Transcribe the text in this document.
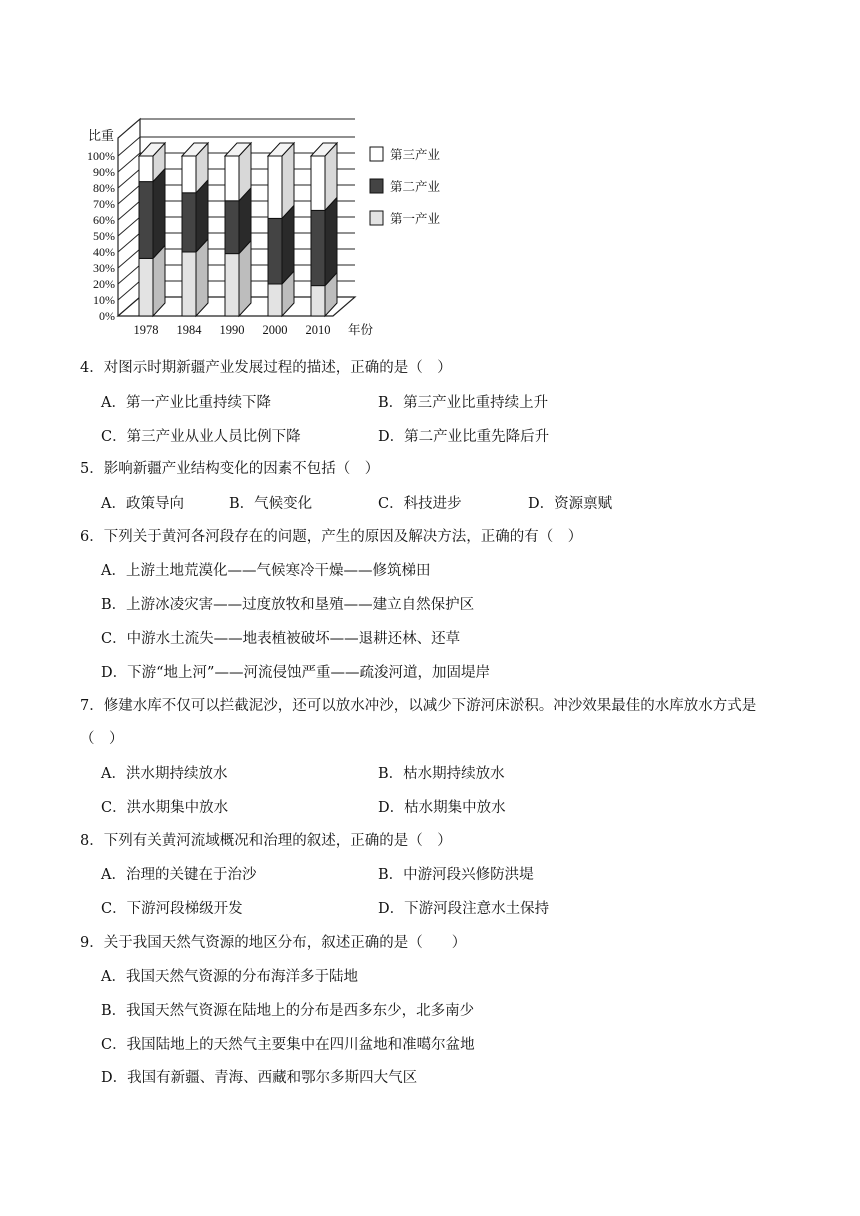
比重
0%
10%
20%
30%
40%
50%
60%
70%
80%
90%
100%
1978 1984 1990 2000 2010 年份
第三产业
第二产业
第一产业
4．对图示时期新疆产业发展过程的描述，正确的是（　）
A．第一产业比重持续下降	B．第三产业比重持续上升
C．第三产业从业人员比例下降	D．第二产业比重先降后升
5．影响新疆产业结构变化的因素不包括（　）
A．政策导向	B．气候变化	C．科技进步	D．资源禀赋
6．下列关于黄河各河段存在的问题，产生的原因及解决方法，正确的有（　）
A．上游土地荒漠化——气候寒冷干燥——修筑梯田
B．上游冰凌灾害——过度放牧和垦殖——建立自然保护区
C．中游水土流失——地表植被破坏——退耕还林、还草
D．下游“地上河”——河流侵蚀严重——疏浚河道，加固堤岸
7．修建水库不仅可以拦截泥沙，还可以放水冲沙，以减少下游河床淤积。冲沙效果最佳的水库放水方式是
（　）
A．洪水期持续放水	B．枯水期持续放水
C．洪水期集中放水	D．枯水期集中放水
8．下列有关黄河流域概况和治理的叙述，正确的是（　）
A．治理的关键在于治沙	B．中游河段兴修防洪堤
C．下游河段梯级开发	D．下游河段注意水土保持
9．关于我国天然气资源的地区分布，叙述正确的是（　　）
A．我国天然气资源的分布海洋多于陆地
B．我国天然气资源在陆地上的分布是西多东少，北多南少
C．我国陆地上的天然气主要集中在四川盆地和准噶尔盆地
D．我国有新疆、青海、西藏和鄂尔多斯四大气区
